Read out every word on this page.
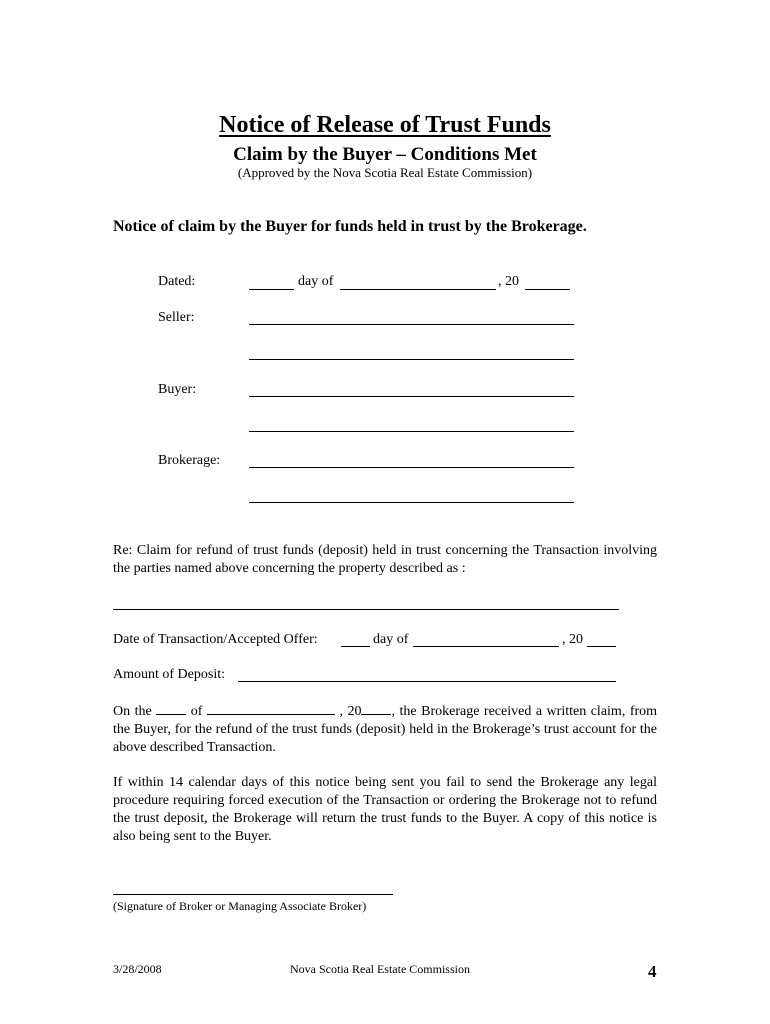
Notice of Release of Trust Funds
Claim by the Buyer – Conditions Met
(Approved by the Nova Scotia Real Estate Commission)
Notice of claim by the Buyer for funds held in trust by the Brokerage.
Dated:	day of	, 20
Seller:
Buyer:
Brokerage:
Re: Claim for refund of trust funds (deposit) held in trust concerning the Transaction involving the parties named above concerning the property described as :
Date of Transaction/Accepted Offer:	day of	, 20
Amount of Deposit:
On the	of	, 20 , the Brokerage received a written claim, from the Buyer, for the refund of the trust funds (deposit) held in the Brokerage’s trust account for the above described Transaction.
If within 14 calendar days of this notice being sent you fail to send the Brokerage any legal procedure requiring forced execution of the Transaction or ordering the Brokerage not to refund the trust deposit, the Brokerage will return the trust funds to the Buyer. A copy of this notice is also being sent to the Buyer.
(Signature of Broker or Managing Associate Broker)
3/28/2008	Nova Scotia Real Estate Commission	4
